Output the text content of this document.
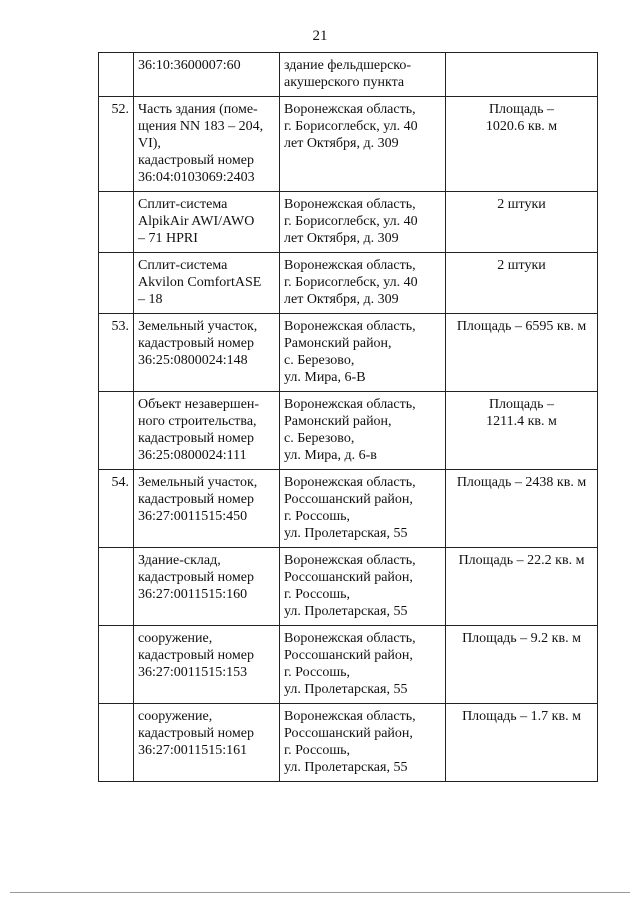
21
	36:10:3600007:60	здание фельдшерско-
акушерского пункта	
52.	Часть здания (поме-
щения NN 183 – 204,
VI),
кадастровый номер
36:04:0103069:2403	Воронежская область,
г. Борисоглебск, ул. 40
лет Октября, д. 309	Площадь –
1020.6 кв. м
	Сплит-система
AlpikAir AWI/AWO
– 71 HPRI	Воронежская область,
г. Борисоглебск, ул. 40
лет Октября, д. 309	2 штуки
	Сплит-система
Akvilon ComfortASE
– 18	Воронежская область,
г. Борисоглебск, ул. 40
лет Октября, д. 309	2 штуки
53.	Земельный участок,
кадастровый номер
36:25:0800024:148	Воронежская область,
Рамонский район,
с. Березово,
ул. Мира, 6-В	Площадь – 6595 кв. м
	Объект незавершен-
ного строительства,
кадастровый номер
36:25:0800024:111	Воронежская область,
Рамонский район,
с. Березово,
ул. Мира, д. 6-в	Площадь –
1211.4 кв. м
54.	Земельный участок,
кадастровый номер
36:27:0011515:450	Воронежская область,
Россошанский район,
г. Россошь,
ул. Пролетарская, 55	Площадь – 2438 кв. м
	Здание-склад,
кадастровый номер
36:27:0011515:160	Воронежская область,
Россошанский район,
г. Россошь,
ул. Пролетарская, 55	Площадь – 22.2 кв. м
	сооружение,
кадастровый номер
36:27:0011515:153	Воронежская область,
Россошанский район,
г. Россошь,
ул. Пролетарская, 55	Площадь – 9.2 кв. м
	сооружение,
кадастровый номер
36:27:0011515:161	Воронежская область,
Россошанский район,
г. Россошь,
ул. Пролетарская, 55	Площадь – 1.7 кв. м
